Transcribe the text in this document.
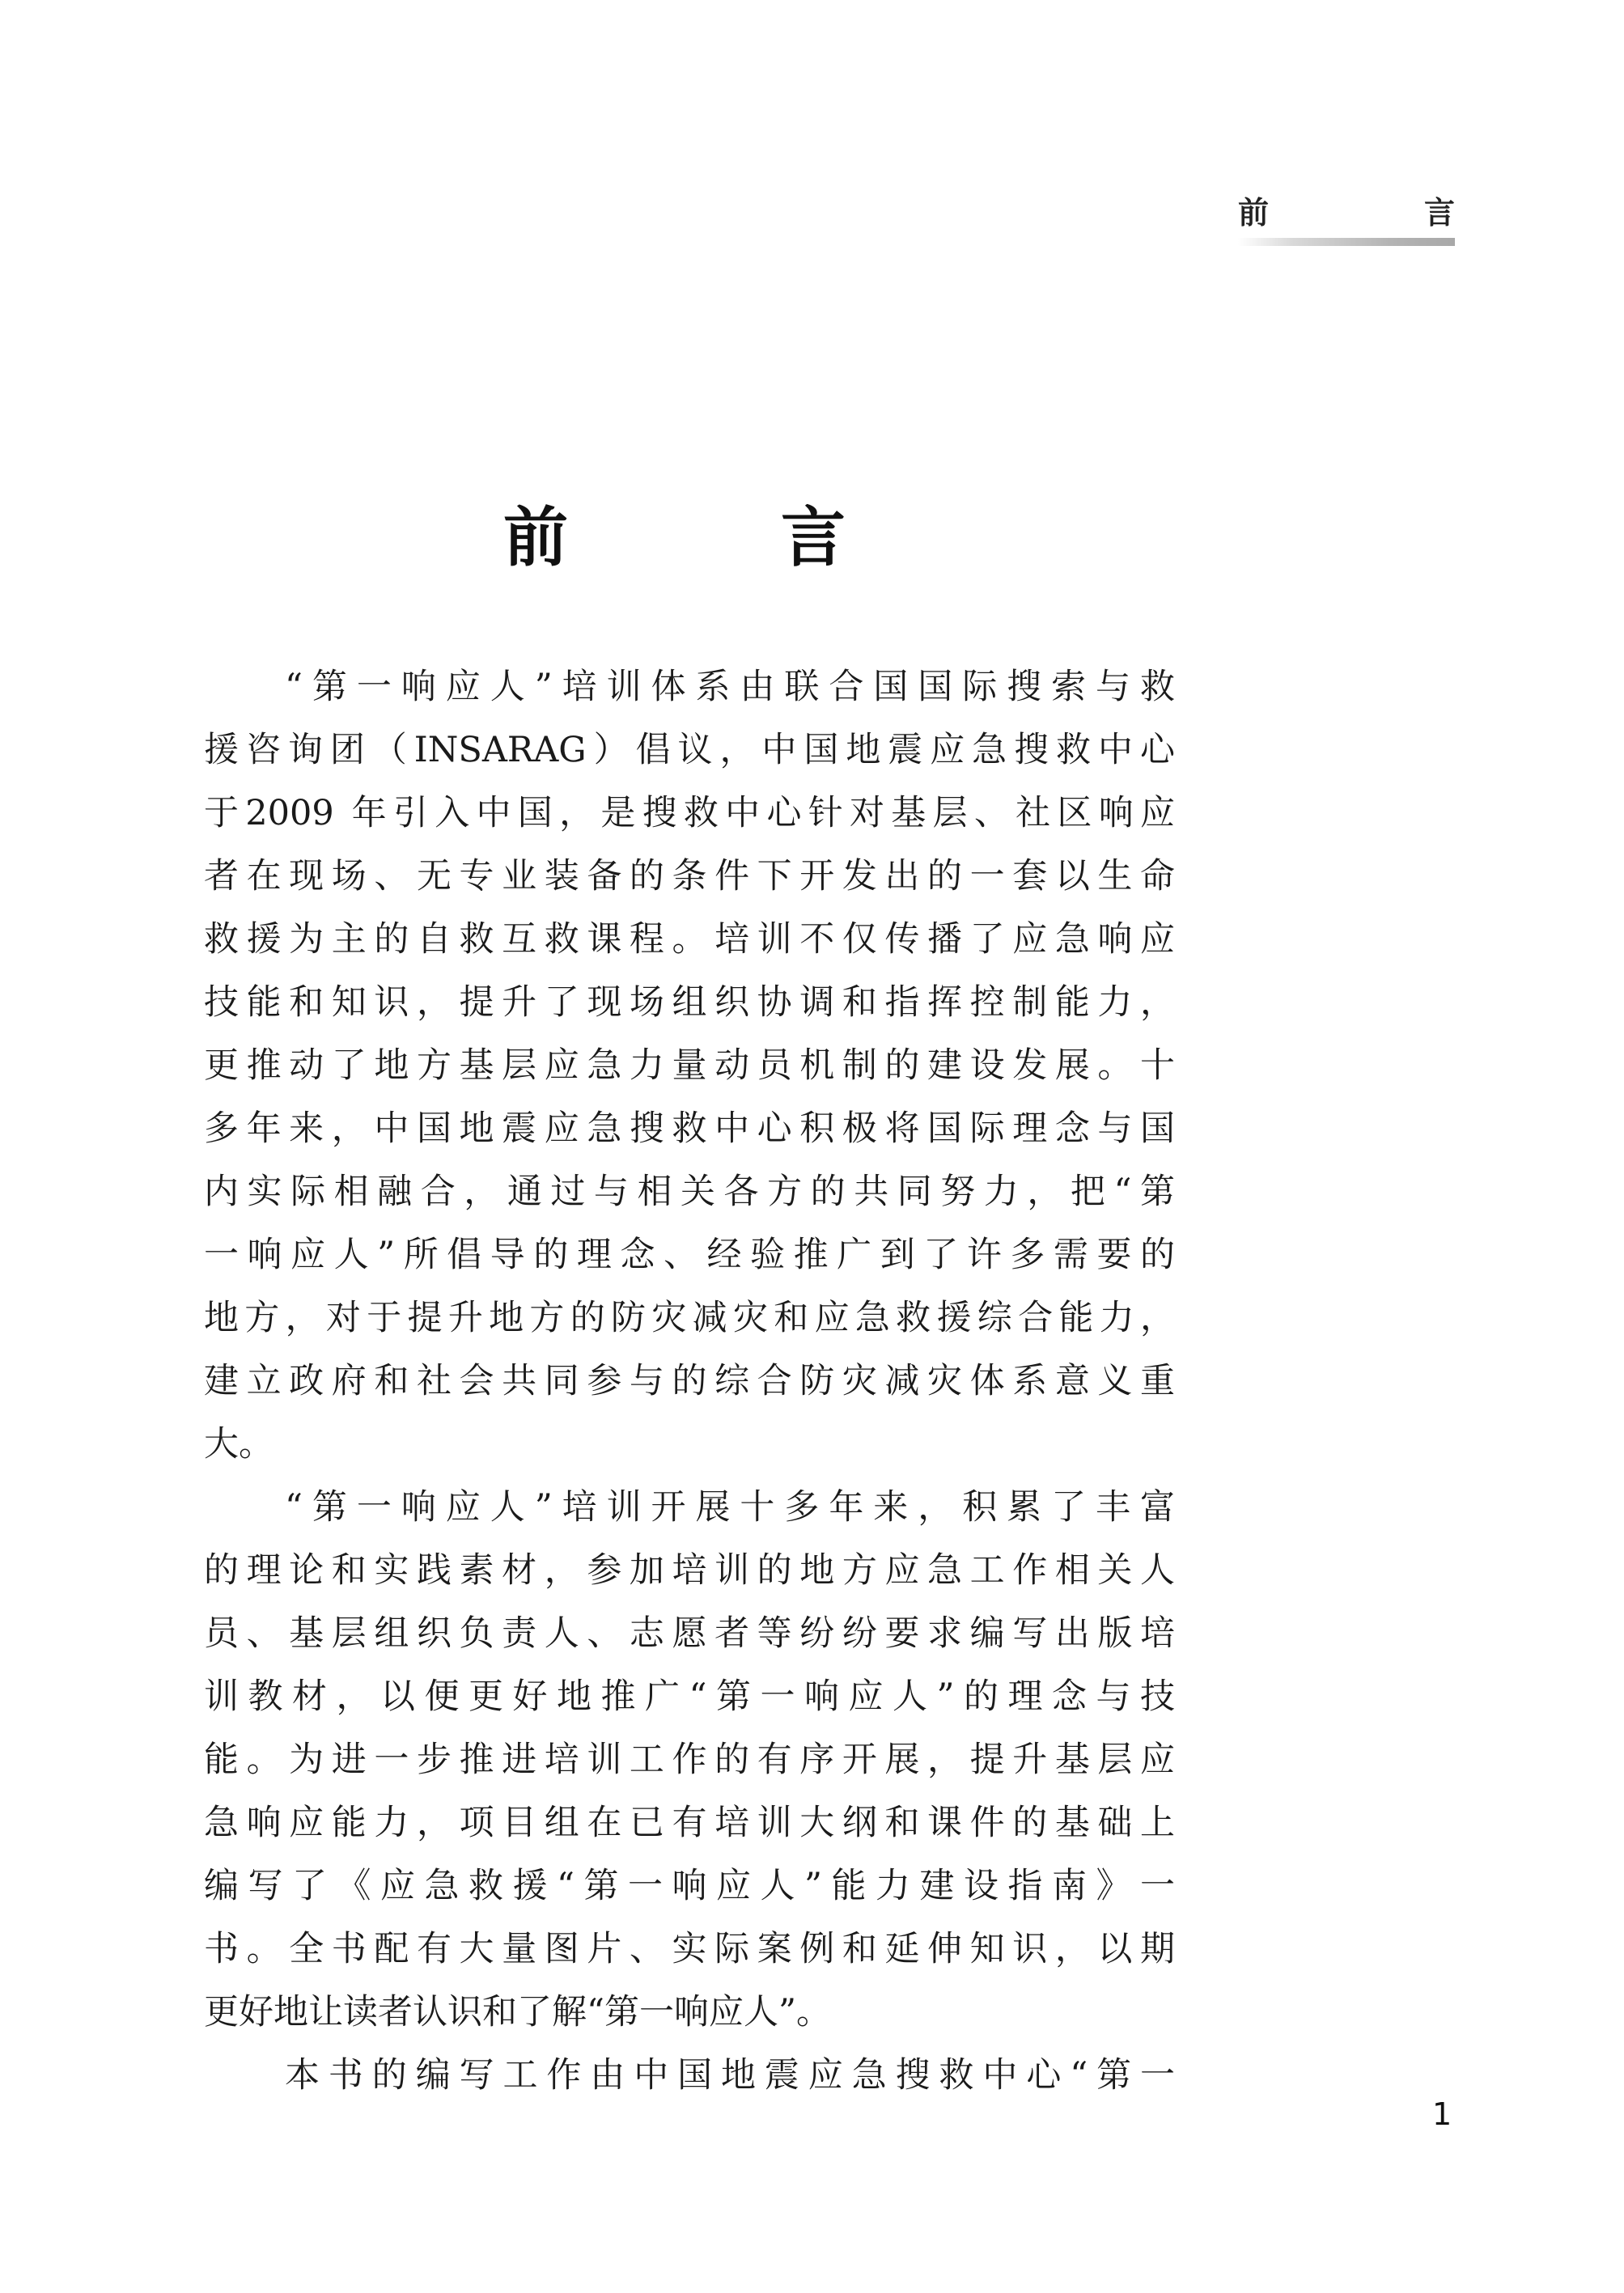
前	言
前	言
“第一响应人”培训体系由联合国国际搜索与救
援咨询团（INSARAG）倡议，中国地震应急搜救中心
于2009 年引入中国，是搜救中心针对基层、社区响应
者在现场、无专业装备的条件下开发出的一套以生命
救援为主的自救互救课程。培训不仅传播了应急响应
技能和知识，提升了现场组织协调和指挥控制能力，
更推动了地方基层应急力量动员机制的建设发展。十
多年来，中国地震应急搜救中心积极将国际理念与国
内实际相融合，通过与相关各方的共同努力，把“第
一响应人”所倡导的理念、经验推广到了许多需要的
地方，对于提升地方的防灾减灾和应急救援综合能力，
建立政府和社会共同参与的综合防灾减灾体系意义重
大。
“第一响应人”培训开展十多年来，积累了丰富
的理论和实践素材，参加培训的地方应急工作相关人
员、基层组织负责人、志愿者等纷纷要求编写出版培
训教材，以便更好地推广“第一响应人”的理念与技
能。为进一步推进培训工作的有序开展，提升基层应
急响应能力，项目组在已有培训大纲和课件的基础上
编写了《应急救援“第一响应人”能力建设指南》一
书。全书配有大量图片、实际案例和延伸知识，以期
更好地让读者认识和了解“第一响应人”。
本书的编写工作由中国地震应急搜救中心“第一
1
